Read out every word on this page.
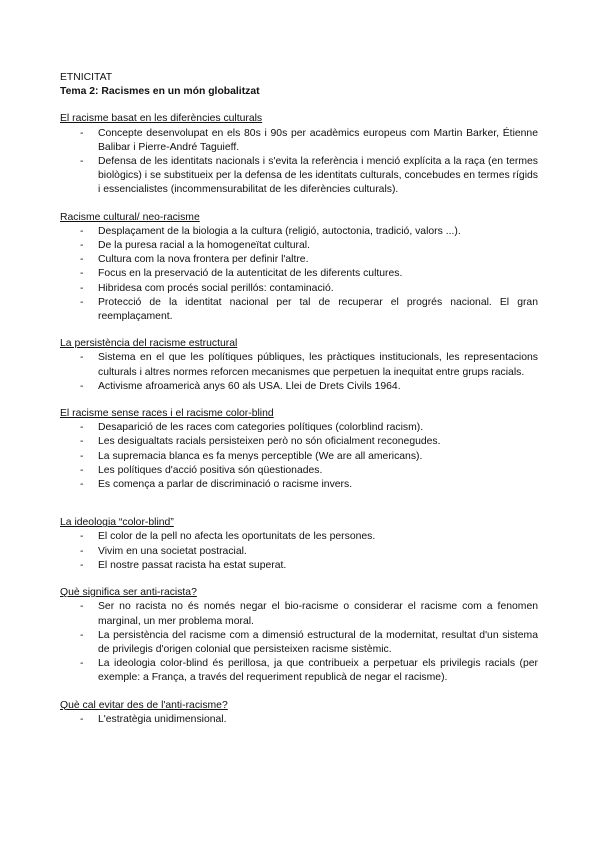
ETNICITAT
Tema 2: Racismes en un món globalitzat
El racisme basat en les diferències culturals
- Concepte desenvolupat en els 80s i 90s per acadèmics europeus com Martin Barker, Étienne Balibar i Pierre-André Taguieff.
- Defensa de les identitats nacionals i s'evita la referència i menció explícita a la raça (en termes biològics) i se substitueix per la defensa de les identitats culturals, concebudes en termes rígids i essencialistes (incommensurabilitat de les diferències culturals).
Racisme cultural/ neo-racisme
- Desplaçament de la biologia a la cultura (religió, autoctonia, tradició, valors ...).
- De la puresa racial a la homogeneïtat cultural.
- Cultura com la nova frontera per definir l'altre.
- Focus en la preservació de la autenticitat de les diferents cultures.
- Hibridesa com procés social perillós: contaminació.
- Protecció de la identitat nacional per tal de recuperar el progrés nacional. El gran reemplaçament.
La persistència del racisme estructural
- Sistema en el que les polítiques públiques, les pràctiques institucionals, les representacions culturals i altres normes reforcen mecanismes que perpetuen la inequitat entre grups racials.
- Activisme afroamericà anys 60 als USA. Llei de Drets Civils 1964.
El racisme sense races i el racisme color-blind
- Desaparició de les races com categories polítiques (colorblind racism).
- Les desigualtats racials persisteixen però no són oficialment reconegudes.
- La supremacia blanca es fa menys perceptible (We are all americans).
- Les polítiques d'acció positiva són qüestionades.
- Es comença a parlar de discriminació o racisme invers.
La ideologia “color-blind”
- El color de la pell no afecta les oportunitats de les persones.
- Vivim en una societat postracial.
- El nostre passat racista ha estat superat.
Què significa ser anti-racista?
- Ser no racista no és només negar el bio-racisme o considerar el racisme com a fenomen marginal, un mer problema moral.
- La persistència del racisme com a dimensió estructural de la modernitat, resultat d'un sistema de privilegis d'origen colonial que persisteixen racisme sistèmic.
- La ideologia color-blind és perillosa, ja que contribueix a perpetuar els privilegis racials (per exemple: a França, a través del requeriment republicà de negar el racisme).
Què cal evitar des de l'anti-racisme?
- L'estratègia unidimensional.
